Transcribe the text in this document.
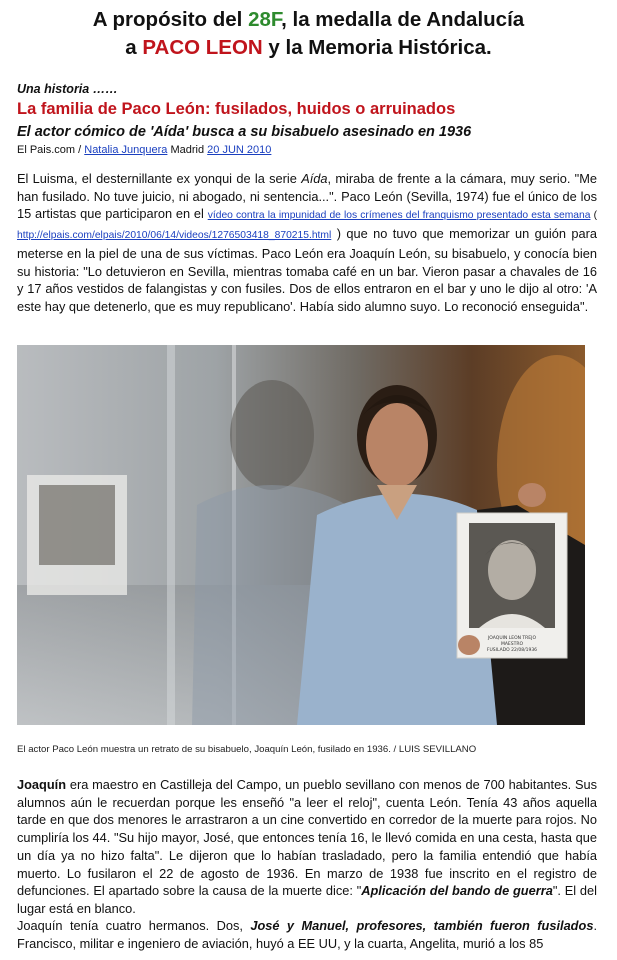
A propósito del 28F, la medalla de Andalucía
a PACO LEON y la Memoria Histórica.
Una historia ……
La familia de Paco León: fusilados, huidos o arruinados
El actor cómico de 'Aída' busca a su bisabuelo asesinado en 1936
El Pais.com / Natalia Junquera Madrid 20 JUN 2010
El Luisma, el desternillante ex yonqui de la serie Aída, miraba de frente a la cámara, muy serio. "Me han fusilado. No tuve juicio, ni abogado, ni sentencia...". Paco León (Sevilla, 1974) fue el único de los 15 artistas que participaron en el vídeo contra la impunidad de los crímenes del franquismo presentado esta semana ( http://elpais.com/elpais/2010/06/14/videos/1276503418_870215.html ) que no tuvo que memorizar un guión para meterse en la piel de una de sus víctimas. Paco León era Joaquín León, su bisabuelo, y conocía bien su historia: "Lo detuvieron en Sevilla, mientras tomaba café en un bar. Vieron pasar a chavales de 16 y 17 años vestidos de falangistas y con fusiles. Dos de ellos entraron en el bar y uno le dijo al otro: 'A este hay que detenerlo, que es muy republicano'. Había sido alumno suyo. Lo reconoció enseguida".
JOAQUIN LEON TREJO
MAESTRO
FUSILADO 22/08/1936
El actor Paco León muestra un retrato de su bisabuelo, Joaquín León, fusilado en 1936. / LUIS SEVILLANO
Joaquín era maestro en Castilleja del Campo, un pueblo sevillano con menos de 700 habitantes. Sus alumnos aún le recuerdan porque les enseñó "a leer el reloj", cuenta León. Tenía 43 años aquella tarde en que dos menores le arrastraron a un cine convertido en corredor de la muerte para rojos. No cumpliría los 44. "Su hijo mayor, José, que entonces tenía 16, le llevó comida en una cesta, hasta que un día ya no hizo falta". Le dijeron que lo habían trasladado, pero la familia entendió que había muerto. Lo fusilaron el 22 de agosto de 1936. En marzo de 1938 fue inscrito en el registro de defunciones. El apartado sobre la causa de la muerte dice: "Aplicación del bando de guerra". El del lugar está en blanco.
Joaquín tenía cuatro hermanos. Dos, José y Manuel, profesores, también fueron fusilados. Francisco, militar e ingeniero de aviación, huyó a EE UU, y la cuarta, Angelita, murió a los 85
